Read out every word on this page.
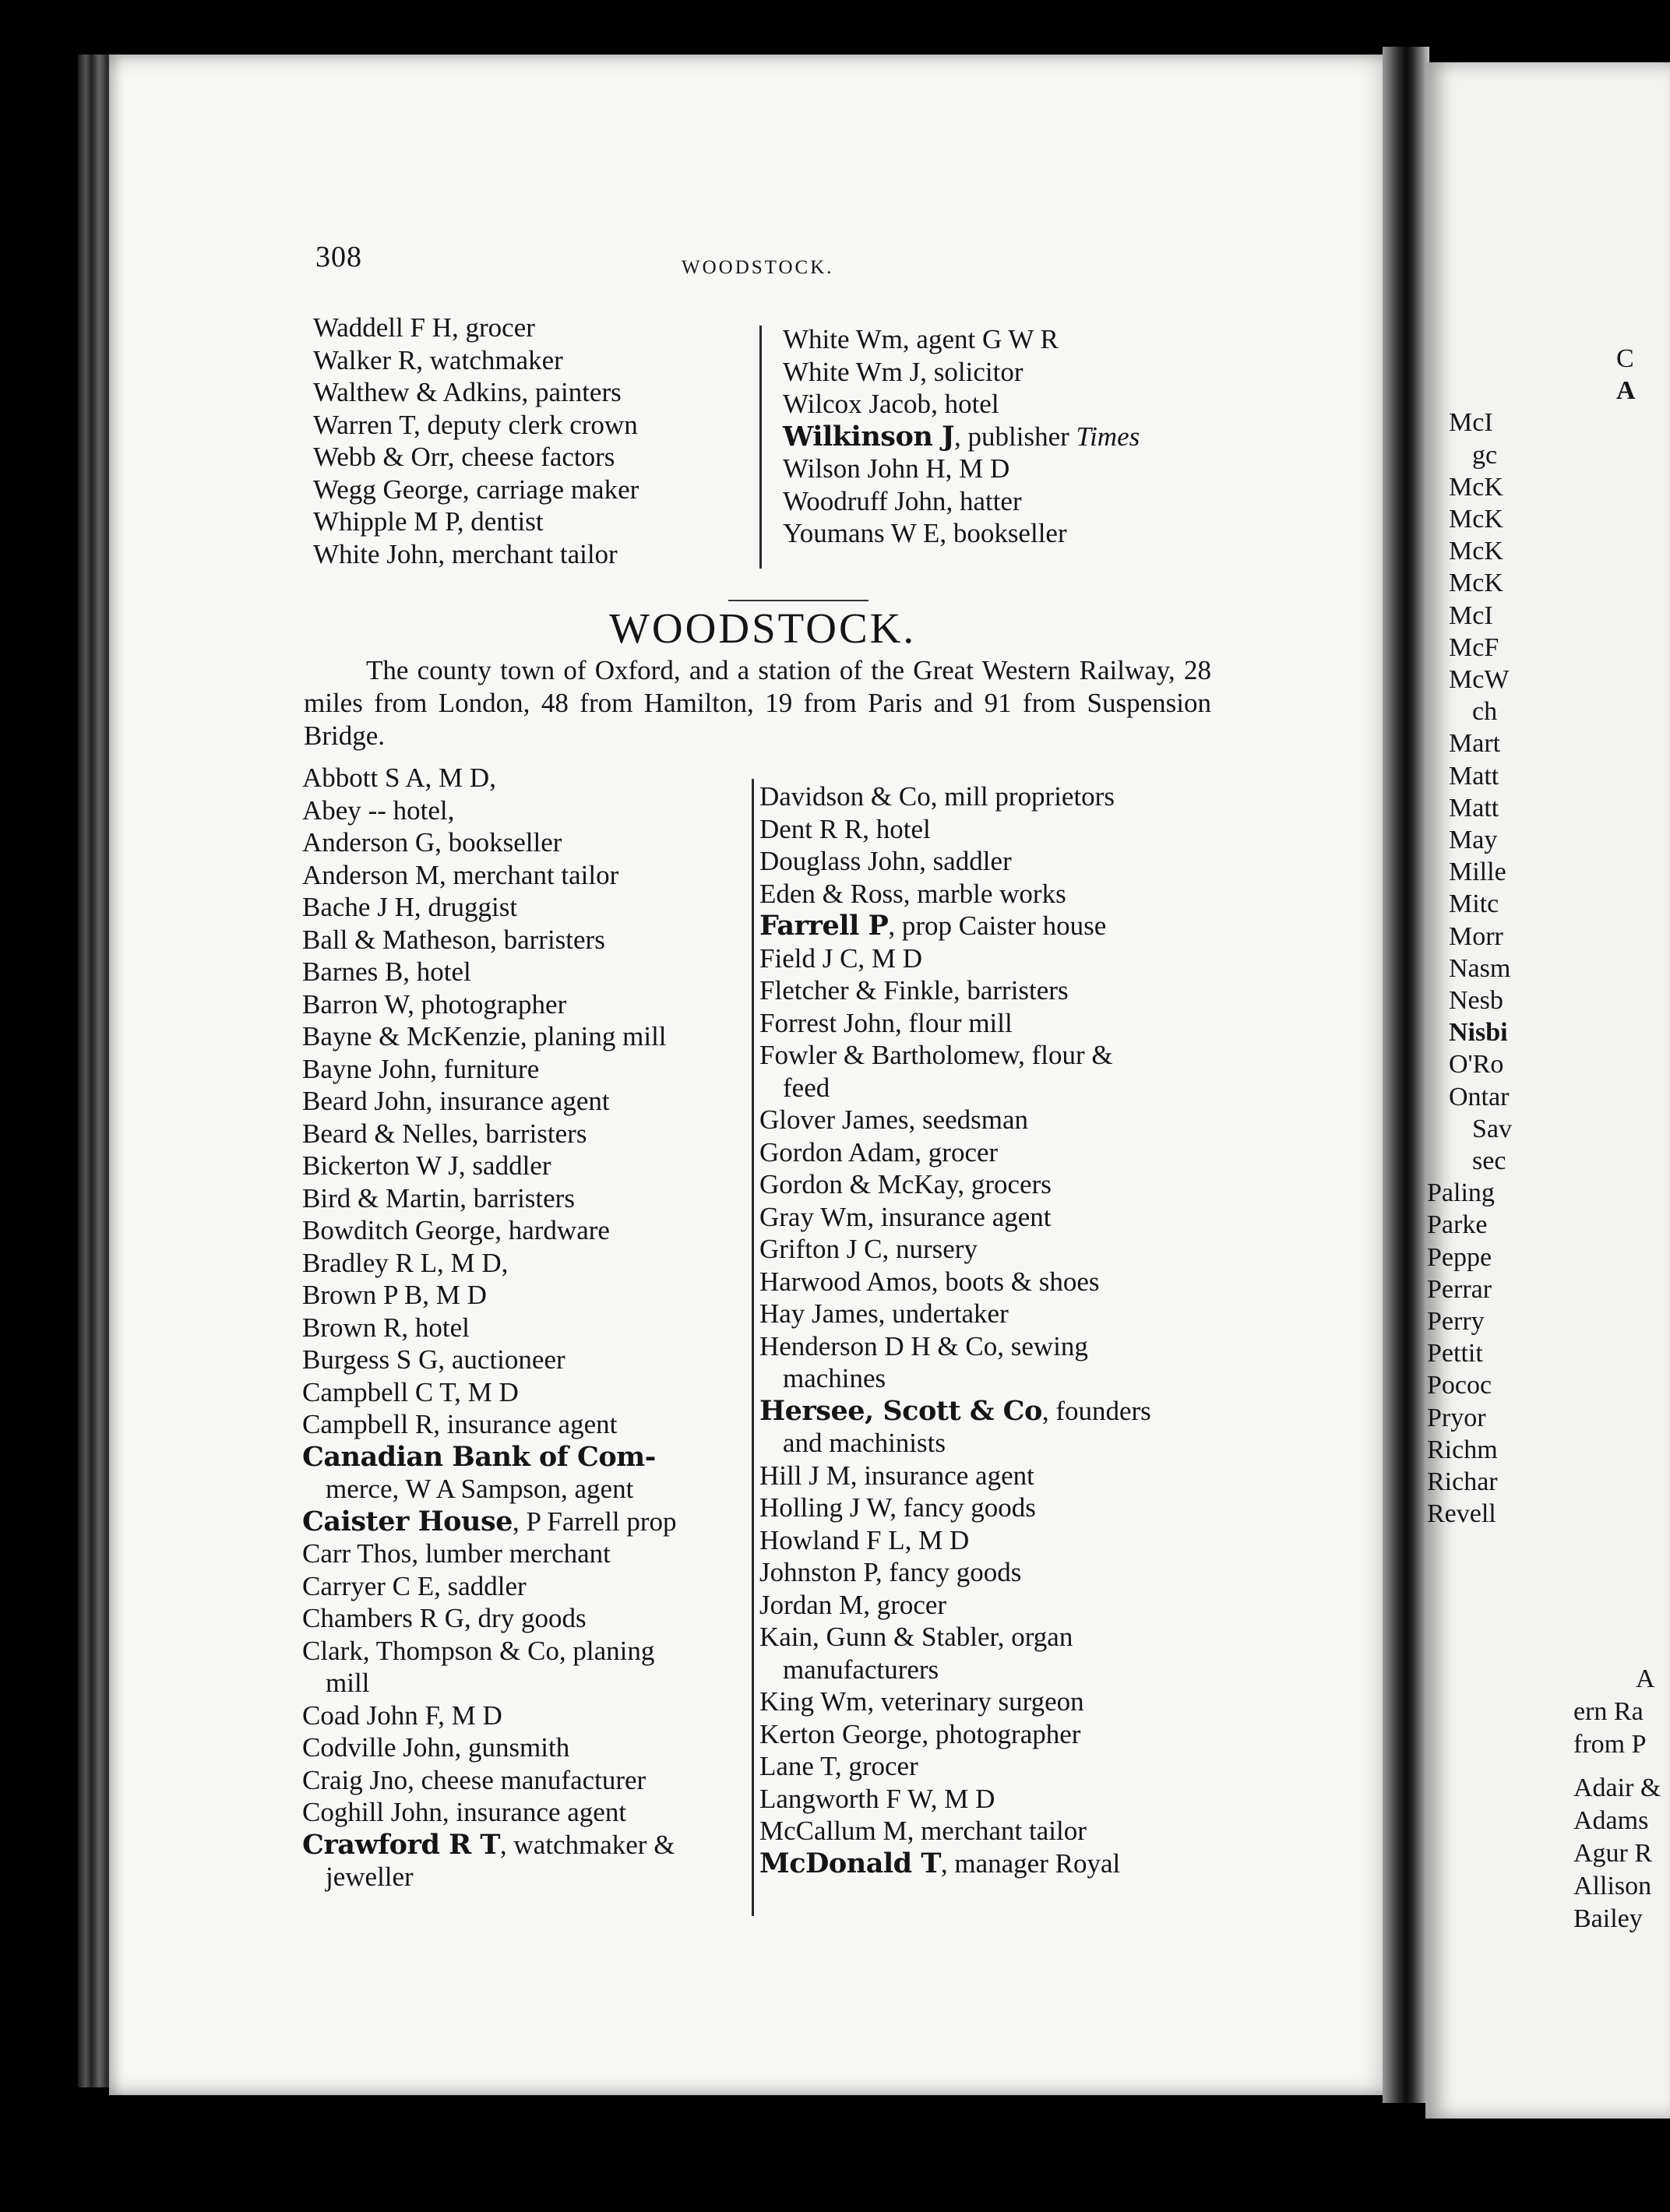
308	WOODSTOCK.
Waddell F H, grocer
Walker R, watchmaker
Walthew & Adkins, painters
Warren T, deputy clerk crown
Webb & Orr, cheese factors
Wegg George, carriage maker
Whipple M P, dentist
White John, merchant tailor
White Wm, agent G W R
White Wm J, solicitor
Wilcox Jacob, hotel
Wilkinson J, publisher Times
Wilson John H, M D
Woodruff John, hatter
Youmans W E, bookseller
WOODSTOCK.

The county town of Oxford, and a station of the Great Western Railway, 28 miles from London, 48 from Hamilton, 19 from Paris and 91 from Suspension Bridge.

Abbott S A, M D,
Abey -- hotel,
Anderson G, bookseller
Anderson M, merchant tailor
Bache J H, druggist
Ball & Matheson, barristers
Barnes B, hotel
Barron W, photographer
Bayne & McKenzie, planing mill
Bayne John, furniture
Beard John, insurance agent
Beard & Nelles, barristers
Bickerton W J, saddler
Bird & Martin, barristers
Bowditch George, hardware
Bradley R L, M D,
Brown P B, M D
Brown R, hotel
Burgess S G, auctioneer
Campbell C T, M D
Campbell R, insurance agent
Canadian Bank of Com-
merce, W A Sampson, agent
Caister House, P Farrell prop
Carr Thos, lumber merchant
Carryer C E, saddler
Chambers R G, dry goods
Clark, Thompson & Co, planing
mill
Coad John F, M D
Codville John, gunsmith
Craig Jno, cheese manufacturer
Coghill John, insurance agent
Crawford R T, watchmaker &
jeweller
Davidson & Co, mill proprietors
Dent R R, hotel
Douglass John, saddler
Eden & Ross, marble works
Farrell P, prop Caister house
Field J C, M D
Fletcher & Finkle, barristers
Forrest John, flour mill
Fowler & Bartholomew, flour &
feed
Glover James, seedsman
Gordon Adam, grocer
Gordon & McKay, grocers
Gray Wm, insurance agent
Grifton J C, nursery
Harwood Amos, boots & shoes
Hay James, undertaker
Henderson D H & Co, sewing
machines
Hersee, Scott & Co, founders
and machinists
Hill J M, insurance agent
Holling J W, fancy goods
Howland F L, M D
Johnston P, fancy goods
Jordan M, grocer
Kain, Gunn & Stabler, organ
manufacturers
King Wm, veterinary surgeon
Kerton George, photographer
Lane T, grocer
Langworth F W, M D
McCallum M, merchant tailor
McDonald T, manager Royal
C
A
McI
gc
McK
McK
McK
McK
McI
McF
McW
ch
Mart
Matt
Matt
May
Mille
Mitc
Morr
Nasm
Nesb
Nisbi
O'Ro
Ontar
Sav
sec
Paling
Parke
Peppe
Perrar
Perry
Pettit
Pococ
Pryor
Richm
Richar
Revell
A
ern Ra
from P
Adair &
Adams
Agur R
Allison
Bailey
